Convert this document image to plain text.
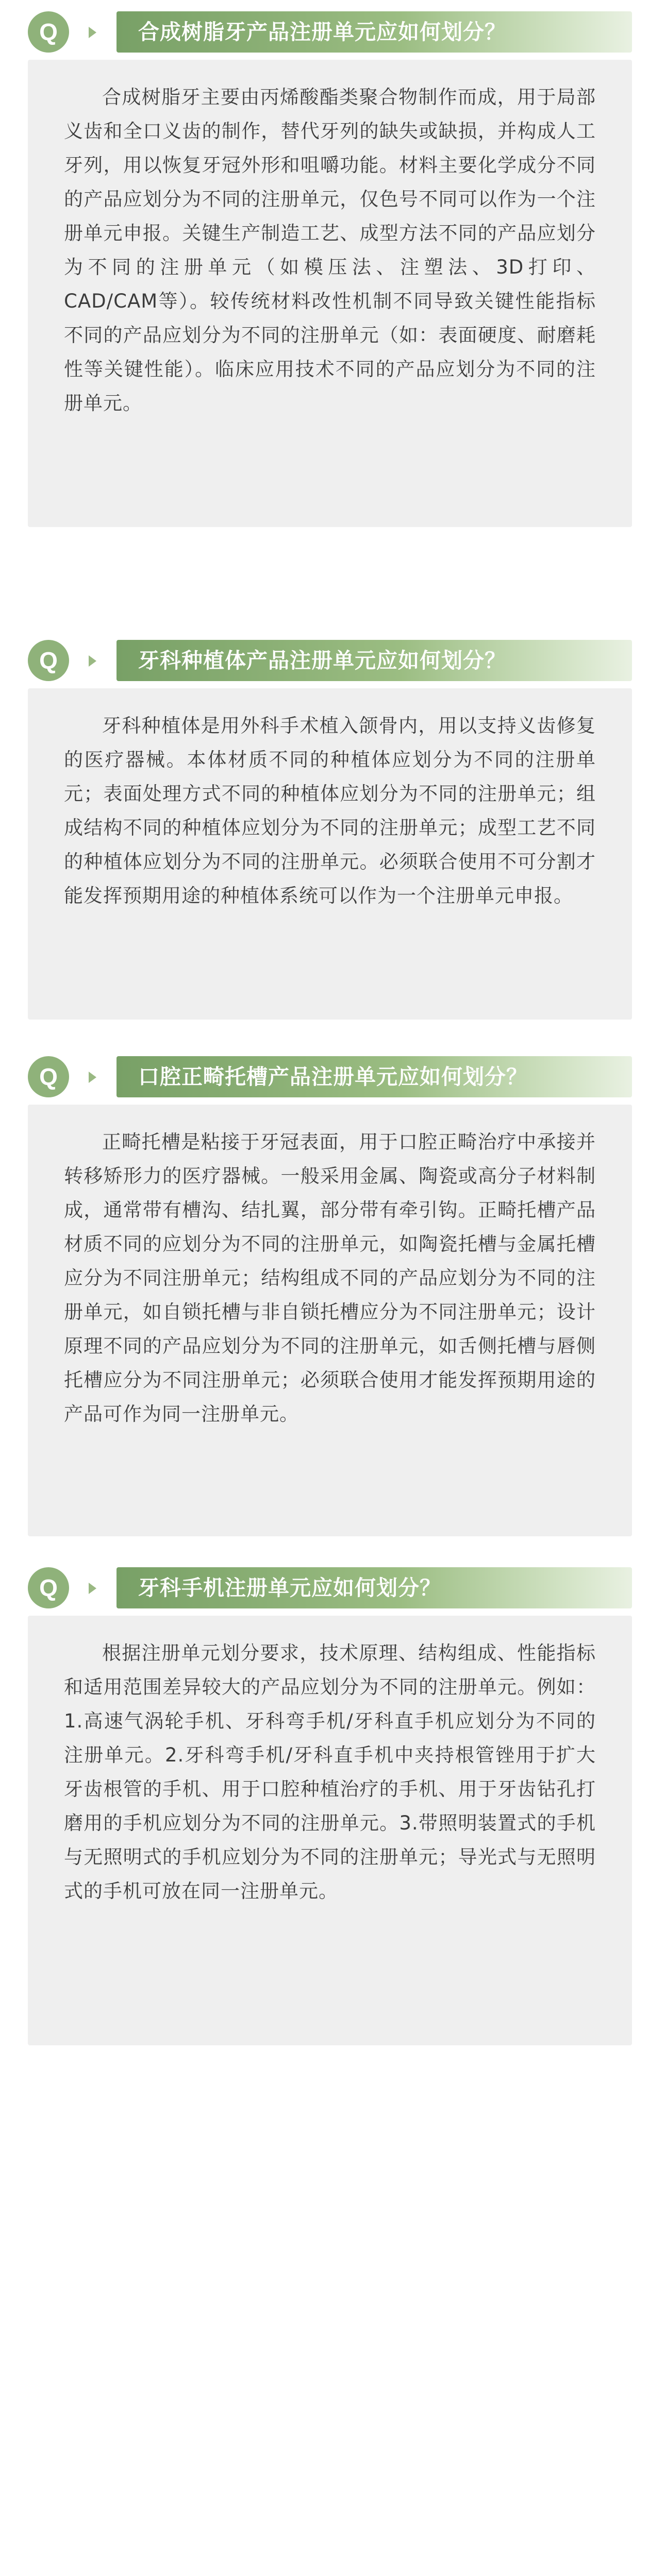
Q	合成树脂牙产品注册单元应如何划分？
合成树脂牙主要由丙烯酸酯类聚合物制作而成，用于局部义齿和全口义齿的制作，替代牙列的缺失或缺损，并构成人工牙列，用以恢复牙冠外形和咀嚼功能。材料主要化学成分不同的产品应划分为不同的注册单元，仅色号不同可以作为一个注册单元申报。关键生产制造工艺、成型方法不同的产品应划分为不同的注册单元（如模压法、注塑法、3D打印、CAD/CAM等）。较传统材料改性机制不同导致关键性能指标不同的产品应划分为不同的注册单元（如：表面硬度、耐磨耗性等关键性能）。临床应用技术不同的产品应划分为不同的注册单元。
Q	牙科种植体产品注册单元应如何划分？
牙科种植体是用外科手术植入颌骨内，用以支持义齿修复的医疗器械。本体材质不同的种植体应划分为不同的注册单元；表面处理方式不同的种植体应划分为不同的注册单元；组成结构不同的种植体应划分为不同的注册单元；成型工艺不同的种植体应划分为不同的注册单元。必须联合使用不可分割才能发挥预期用途的种植体系统可以作为一个注册单元申报。
Q	口腔正畸托槽产品注册单元应如何划分？
正畸托槽是粘接于牙冠表面，用于口腔正畸治疗中承接并转移矫形力的医疗器械。一般采用金属、陶瓷或高分子材料制成，通常带有槽沟、结扎翼，部分带有牵引钩。正畸托槽产品材质不同的应划分为不同的注册单元，如陶瓷托槽与金属托槽应分为不同注册单元；结构组成不同的产品应划分为不同的注册单元，如自锁托槽与非自锁托槽应分为不同注册单元；设计原理不同的产品应划分为不同的注册单元，如舌侧托槽与唇侧托槽应分为不同注册单元；必须联合使用才能发挥预期用途的产品可作为同一注册单元。
Q	牙科手机注册单元应如何划分？
根据注册单元划分要求，技术原理、结构组成、性能指标和适用范围差异较大的产品应划分为不同的注册单元。例如：1.高速气涡轮手机、牙科弯手机/牙科直手机应划分为不同的注册单元。2.牙科弯手机/牙科直手机中夹持根管锉用于扩大牙齿根管的手机、用于口腔种植治疗的手机、用于牙齿钻孔打磨用的手机应划分为不同的注册单元。3.带照明装置式的手机与无照明式的手机应划分为不同的注册单元；导光式与无照明式的手机可放在同一注册单元。
